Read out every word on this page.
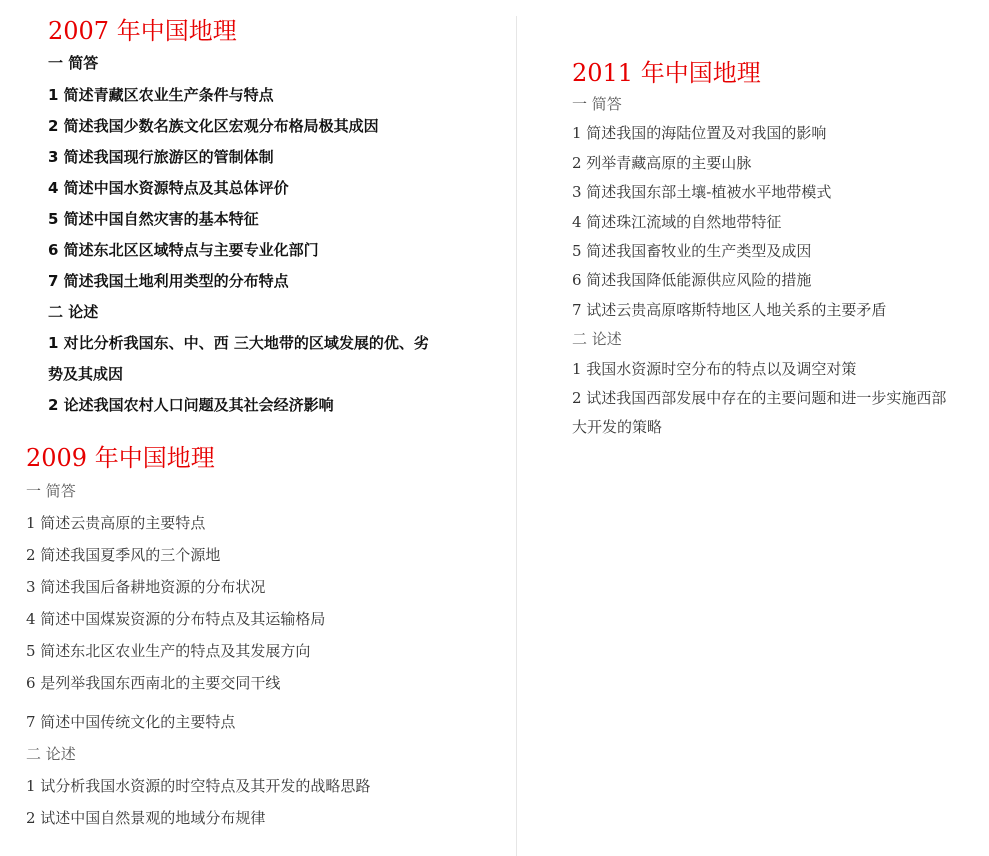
2007 年中国地理
一 简答
1 简述青藏区农业生产条件与特点
2 简述我国少数名族文化区宏观分布格局极其成因
3 简述我国现行旅游区的管制体制
4 简述中国水资源特点及其总体评价
5 简述中国自然灾害的基本特征
6 简述东北区区域特点与主要专业化部门
7 简述我国土地利用类型的分布特点
二 论述
1 对比分析我国东、中、西 三大地带的区域发展的优、劣
势及其成因
2 论述我国农村人口问题及其社会经济影响
2009 年中国地理
一 简答
1 简述云贵高原的主要特点
2 简述我国夏季风的三个源地
3 简述我国后备耕地资源的分布状况
4 简述中国煤炭资源的分布特点及其运输格局
5 简述东北区农业生产的特点及其发展方向
6 是列举我国东西南北的主要交同干线
7 简述中国传统文化的主要特点
二 论述
1 试分析我国水资源的时空特点及其开发的战略思路
2 试述中国自然景观的地域分布规律
2011 年中国地理
一 简答
1 简述我国的海陆位置及对我国的影响
2 列举青藏高原的主要山脉
3 简述我国东部土壤-植被水平地带模式
4 简述珠江流域的自然地带特征
5 简述我国畜牧业的生产类型及成因
6 简述我国降低能源供应风险的措施
7 试述云贵高原喀斯特地区人地关系的主要矛盾
二 论述
1 我国水资源时空分布的特点以及调空对策
2 试述我国西部发展中存在的主要问题和进一步实施西部
大开发的策略
